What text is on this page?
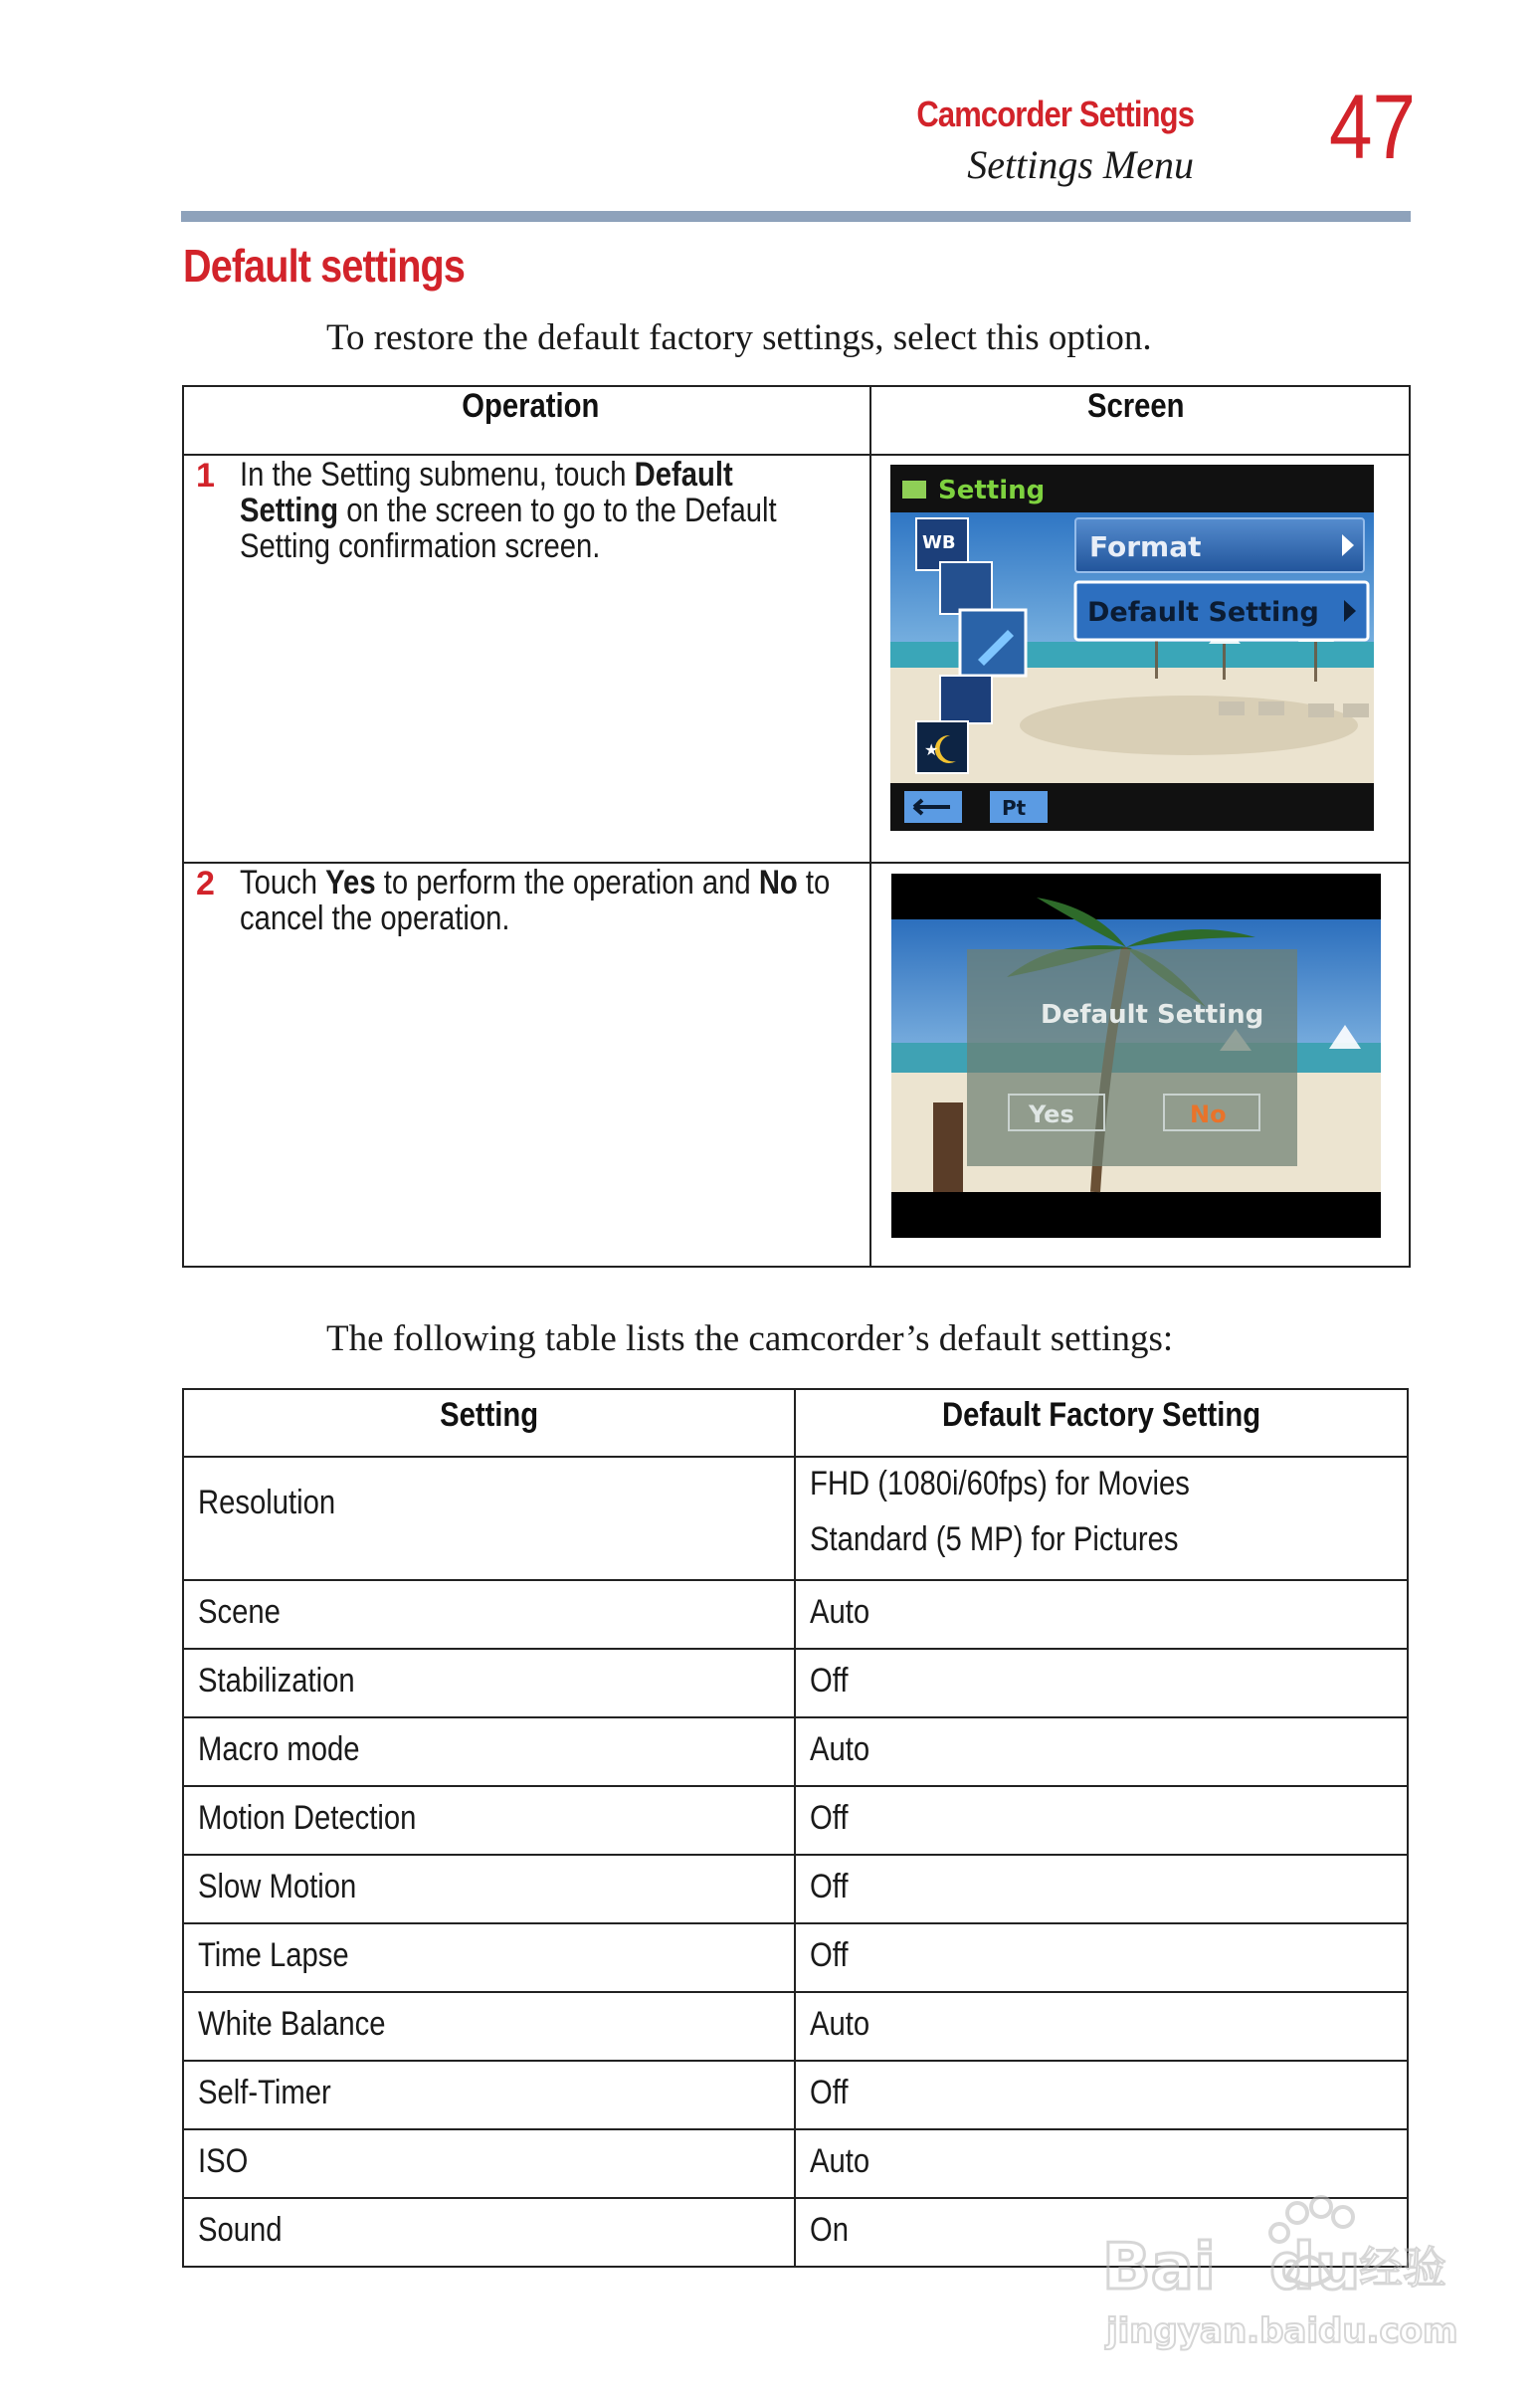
Camcorder Settings
Settings Menu 47
Default settings
To restore the default factory settings, select this option.
Operation	Screen
1 In the Setting submenu, touch Default Setting on the screen to go to the Default Setting confirmation screen.
2 Touch Yes to perform the operation and No to cancel the operation.
Setting
WB
★
Format
Default Setting
Pt
Default Setting
Yes	No
The following table lists the camcorder’s default settings:
Setting	Default Factory Setting
Resolution	FHD (1080i/60fps) for Movies
Standard (5 MP) for Pictures

Scene	Auto
Stabilization	Off
Macro mode	Auto
Motion Detection	Off
Slow Motion	Off
Time Lapse	Off
White Balance	Auto
Self-Timer	Off
ISO	Auto
Sound	On
Bai du
经验
jingyan.baidu.com
